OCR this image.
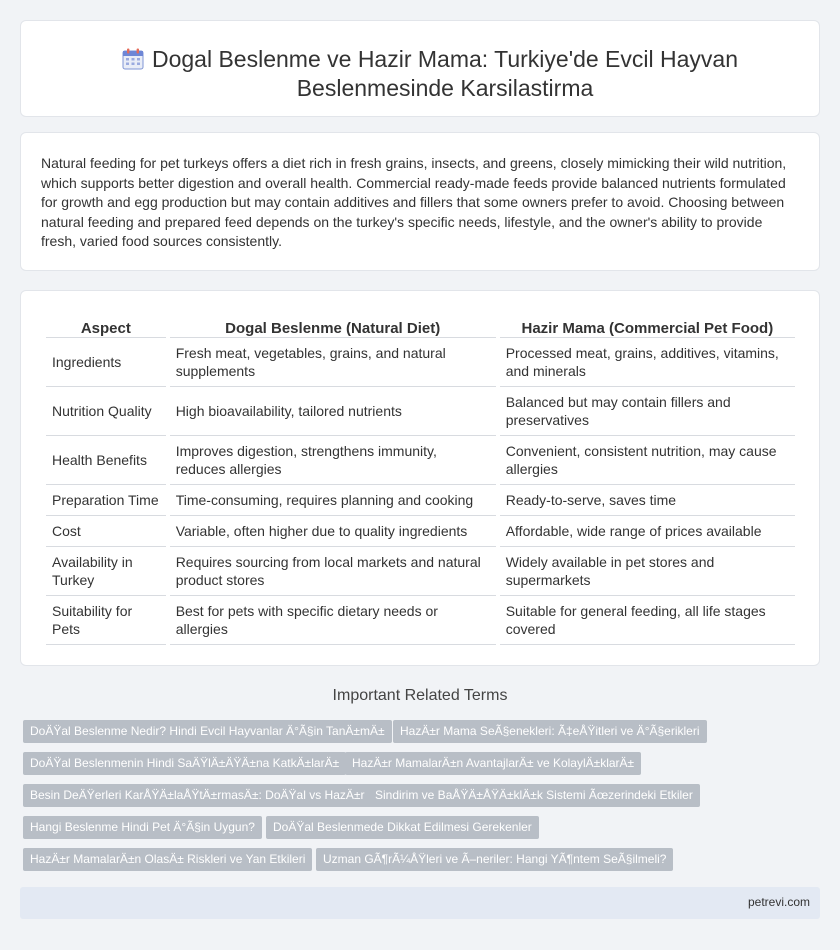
Dogal Beslenme ve Hazir Mama: Turkiye'de Evcil Hayvan Beslenmesinde Karsilastirma

Natural feeding for pet turkeys offers a diet rich in fresh grains, insects, and greens, closely mimicking their wild nutrition, which supports better digestion and overall health. Commercial ready-made feeds provide balanced nutrients formulated for growth and egg production but may contain additives and fillers that some owners prefer to avoid. Choosing between natural feeding and prepared feed depends on the turkey's specific needs, lifestyle, and the owner's ability to provide fresh, varied food sources consistently.

Aspect	Dogal Beslenme (Natural Diet)	Hazir Mama (Commercial Pet Food)
Ingredients	Fresh meat, vegetables, grains, and natural supplements	Processed meat, grains, additives, vitamins, and minerals
Nutrition Quality	High bioavailability, tailored nutrients	Balanced but may contain fillers and preservatives
Health Benefits	Improves digestion, strengthens immunity, reduces allergies	Convenient, consistent nutrition, may cause allergies
Preparation Time	Time-consuming, requires planning and cooking	Ready-to-serve, saves time
Cost	Variable, often higher due to quality ingredients	Affordable, wide range of prices available
Availability in Turkey	Requires sourcing from local markets and natural product stores	Widely available in pet stores and supermarkets
Suitability for Pets	Best for pets with specific dietary needs or allergies	Suitable for general feeding, all life stages covered
Important Related Terms
DoÄŸal Beslenme Nedir? Hindi Evcil Hayvanlar Ä°Ã§in TanÄ±mÄ±	HazÄ±r Mama SeÃ§enekleri: Ã‡eÅŸitleri ve Ä°Ã§erikleri
DoÄŸal Beslenmenin Hindi SaÄŸlÄ±ÄŸÄ±na KatkÄ±larÄ±	HazÄ±r MamalarÄ±n AvantajlarÄ± ve KolaylÄ±klarÄ±
Besin DeÄŸerleri KarÅŸÄ±laÅŸtÄ±rmasÄ±: DoÄŸal vs HazÄ±r Sindirim ve BaÅŸÄ±ÅŸÄ±klÄ±k Sistemi Ãœzerindeki Etkiler
Hangi Beslenme Hindi Pet Ä°Ã§in Uygun?	DoÄŸal Beslenmede Dikkat Edilmesi Gerekenler
HazÄ±r MamalarÄ±n OlasÄ± Riskleri ve Yan Etkileri	Uzman GÃ¶rÃ¼ÅŸleri ve Ã–neriler: Hangi YÃ¶ntem SeÃ§ilmeli?
petrevi.com
